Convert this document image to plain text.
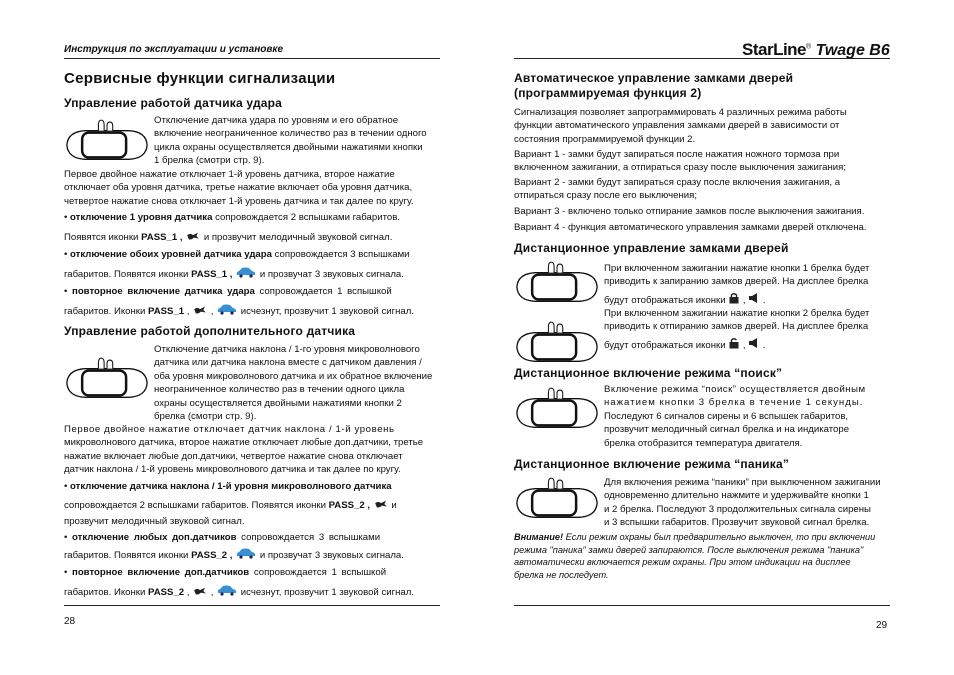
Инструкция по эксплуатации и установке	StarLine® Twage B6
Сервисные функции сигнализации
Управление работой датчика удара
Отключение датчика удара по уровням и его обратное
включение неограниченное количество раз в течении одного
цикла охраны осуществляется двойными нажатиями кнопки
1 брелка (смотри стр. 9).
Первое двойное нажатие отключает 1-й уровень датчика, второе нажатие
отключает оба уровня датчика, третье нажатие включает оба уровня датчика,
четвертое нажатие снова отключает 1-й уровень датчика и так далее по кругу.
• отключение 1 уровня датчика сопровождается 2 вспышками габаритов.
Появятся иконки PASS_1 ,  и прозвучит мелодичный звуковой сигнал.
• отключение обоих уровней датчика удара сопровождается 3 вспышками
габаритов. Появятся иконки PASS_1 ,	и прозвучат 3 звуковых сигнала.
• повторное включение датчика удара сопровождается 1 вспышкой
габаритов. Иконки PASS_1 ,  ,  исчезнут, прозвучит 1 звуковой сигнал.
Управление работой дополнительного датчика
Отключение датчика наклона / 1-го уровня микроволнового
датчика или датчика наклона вместе с датчиком давления /
оба уровня микроволнового датчика и их обратное включение
неограниченное количество раз в течении одного цикла
охраны осуществляется двойными нажатиями кнопки 2
брелка (смотри стр. 9).
Первое двойное нажатие отключает датчик наклона / 1-й уровень
микроволнового датчика, второе нажатие отключает любые доп.датчики, третье
нажатие включает любые доп.датчики, четвертое нажатие снова отключает
датчик наклона / 1-й уровень микроволнового датчика и так далее по кругу.
• отключение датчика наклона / 1-й уровня микроволнового датчика
сопровождается 2 вспышками габаритов. Появятся иконки PASS_2 ,  и
прозвучит мелодичный звуковой сигнал.
• отключение любых доп.датчиков сопровождается 3 вспышками
габаритов. Появятся иконки PASS_2 ,	и прозвучат 3 звуковых сигнала.
• повторное включение доп.датчиков сопровождается 1 вспышкой
габаритов. Иконки PASS_2 ,  ,  исчезнут, прозвучит 1 звуковой сигнал.
28
Автоматическое управление замками дверей
(программируемая функция 2)
Сигнализация позволяет запрограммировать 4 различных режима работы
функции автоматического управления замками дверей в зависимости от
состояния программируемой функции 2.
Вариант 1 - замки будут запираться после нажатия ножного тормоза при
включенном зажигании, а отпираться сразу после выключения зажигания;
Вариант 2 - замки будут запираться сразу после включения зажигания, а
отпираться сразу после его выключения;
Вариант 3 - включено только отпирание замков после выключения зажигания.
Вариант 4 - функция автоматического управления замками дверей отключена.
Дистанционное управление замками дверей
При включенном зажигании нажатие кнопки 1 брелка будет
приводить к запиранию замков дверей. На дисплее брелка
будут отображаться иконки  ,  .
При включенном зажигании нажатие кнопки 2 брелка будет
приводить к отпиранию замков дверей. На дисплее брелка
будут отображаться иконки  ,  .
Дистанционное включение режима “поиск”
Включение режима “поиск” осуществляется двойным
нажатием кнопки 3 брелка в течение 1 секунды.
Последуют 6 сигналов сирены и 6 вспышек габаритов,
прозвучит мелодичный сигнал брелка и на индикаторе
брелка отобразится температура двигателя.
Дистанционное включение режима “паника”
Для включения режима “паники” при выключенном зажигании
одновременно длительно нажмите и удерживайте кнопки 1
и 2 брелка. Последуют 3 продолжительных сигнала сирены
и 3 вспышки габаритов. Прозвучит звуковой сигнал брелка.
Внимание! Если режим охраны был предварительно выключен, то при включении
режима "паника" замки дверей запираются. После выключения режима "паника"
автоматически включается режим охраны. При этом индикации на дисплее
брелка не последует.
29
